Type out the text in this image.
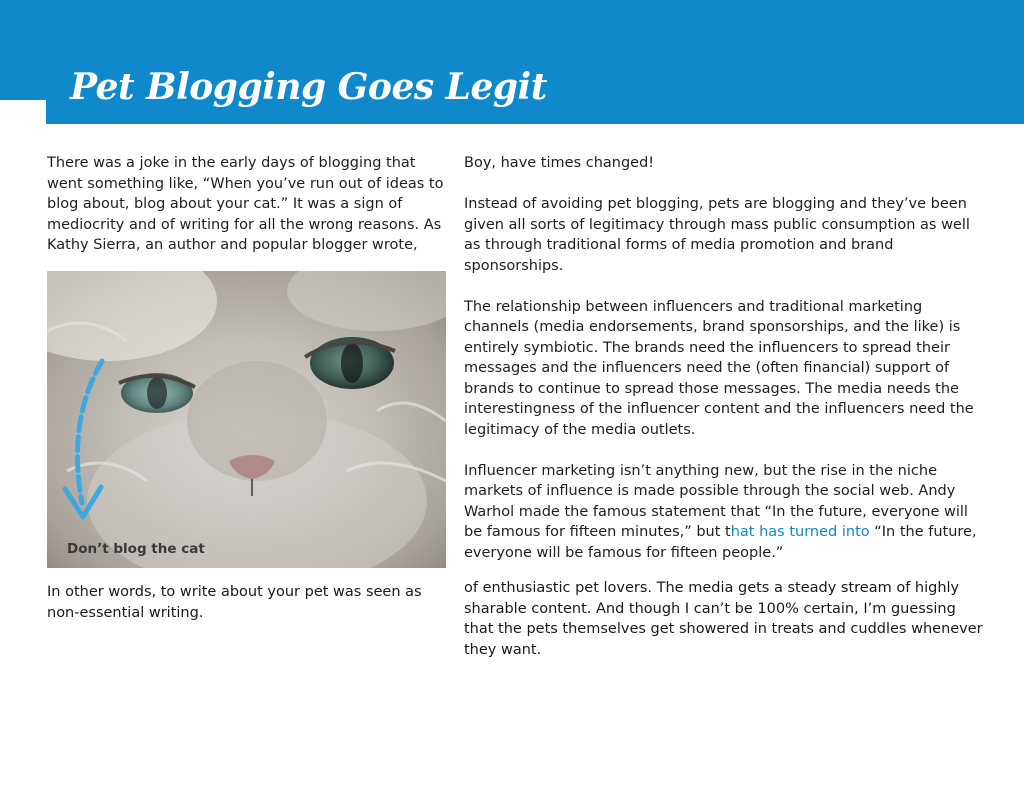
Pet Blogging Goes Legit

There was a joke in the early days of blogging that went something like, “When you’ve run out of ideas to blog about, blog about your cat.” It was a sign of mediocrity and of writing for all the wrong reasons. As Kathy Sierra, an author and popular blogger wrote,

Don’t blog the cat

In other words, to write about your pet was seen as non-essential writing.

Boy, have times changed!

Instead of avoiding pet blogging, pets are blogging and they’ve been given all sorts of legitimacy through mass public consumption as well as through traditional forms of media promotion and brand sponsorships.

The relationship between influencers and traditional marketing channels (media endorsements, brand sponsorships, and the like) is entirely symbiotic. The brands need the influencers to spread their messages and the influencers need the (often financial) support of brands to continue to spread those messages. The media needs the interestingness of the influencer content and the influencers need the legitimacy of the media outlets.

Influencer marketing isn’t anything new, but the rise in the niche markets of influence is made possible through the social web. Andy Warhol made the famous statement that “In the future, everyone will be famous for fifteen minutes,” but that has turned into “In the future, everyone will be famous for fifteen people.”

of enthusiastic pet lovers. The media gets a steady stream of highly sharable content. And though I can’t be 100% certain, I’m guessing that the pets themselves get showered in treats and cuddles whenever they want.
